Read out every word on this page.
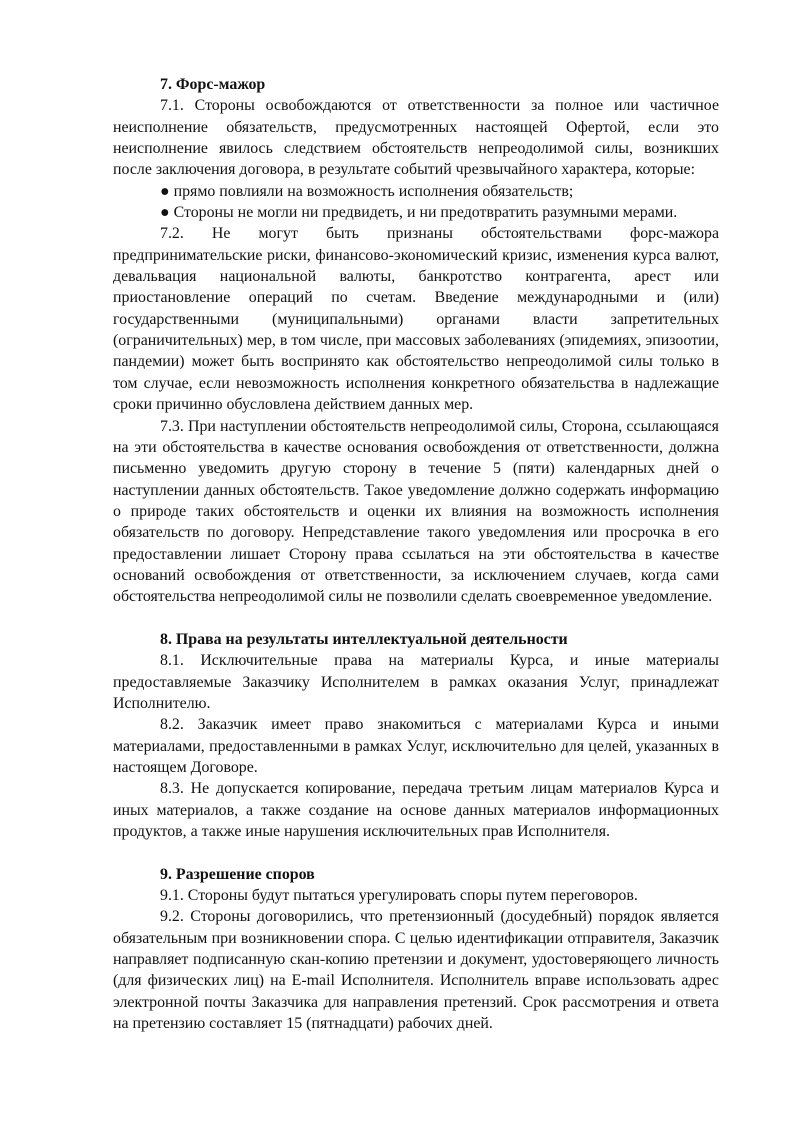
7. Форс-мажор

7.1. Стороны освобождаются от ответственности за полное или частичное неисполнение обязательств, предусмотренных настоящей Офертой, если это неисполнение явилось следствием обстоятельств непреодолимой силы, возникших после заключения договора, в результате событий чрезвычайного характера, которые:

● прямо повлияли на возможность исполнения обязательств;

● Стороны не могли ни предвидеть, и ни предотвратить разумными мерами.

7.2. Не могут быть признаны обстоятельствами форс-мажора предпринимательские риски, финансово-экономический кризис, изменения курса валют, девальвация национальной валюты, банкротство контрагента, арест или приостановление операций по счетам. Введение международными и (или) государственными (муниципальными) органами власти запретительных (ограничительных) мер, в том числе, при массовых заболеваниях (эпидемиях, эпизоотии, пандемии) может быть воспринято как обстоятельство непреодолимой силы только в том случае, если невозможность исполнения конкретного обязательства в надлежащие сроки причинно обусловлена действием данных мер.

7.3. При наступлении обстоятельств непреодолимой силы, Сторона, ссылающаяся на эти обстоятельства в качестве основания освобождения от ответственности, должна письменно уведомить другую сторону в течение 5 (пяти) календарных дней о наступлении данных обстоятельств. Такое уведомление должно содержать информацию о природе таких обстоятельств и оценки их влияния на возможность исполнения обязательств по договору. Непредставление такого уведомления или просрочка в его предоставлении лишает Сторону права ссылаться на эти обстоятельства в качестве оснований освобождения от ответственности, за исключением случаев, когда сами обстоятельства непреодолимой силы не позволили сделать своевременное уведомление.

8. Права на результаты интеллектуальной деятельности

8.1. Исключительные права на материалы Курса, и иные материалы предоставляемые Заказчику Исполнителем в рамках оказания Услуг, принадлежат Исполнителю.

8.2. Заказчик имеет право знакомиться с материалами Курса и иными материалами, предоставленными в рамках Услуг, исключительно для целей, указанных в настоящем Договоре.

8.3. Не допускается копирование, передача третьим лицам материалов Курса и иных материалов, а также создание на основе данных материалов информационных продуктов, а также иные нарушения исключительных прав Исполнителя.

9. Разрешение споров

9.1. Стороны будут пытаться урегулировать споры путем переговоров.

9.2. Стороны договорились, что претензионный (досудебный) порядок является обязательным при возникновении спора. С целью идентификации отправителя, Заказчик направляет подписанную скан-копию претензии и документ, удостоверяющего личность (для физических лиц) на E-mail Исполнителя. Исполнитель вправе использовать адрес электронной почты Заказчика для направления претензий. Срок рассмотрения и ответа на претензию составляет 15 (пятнадцати) рабочих дней.
